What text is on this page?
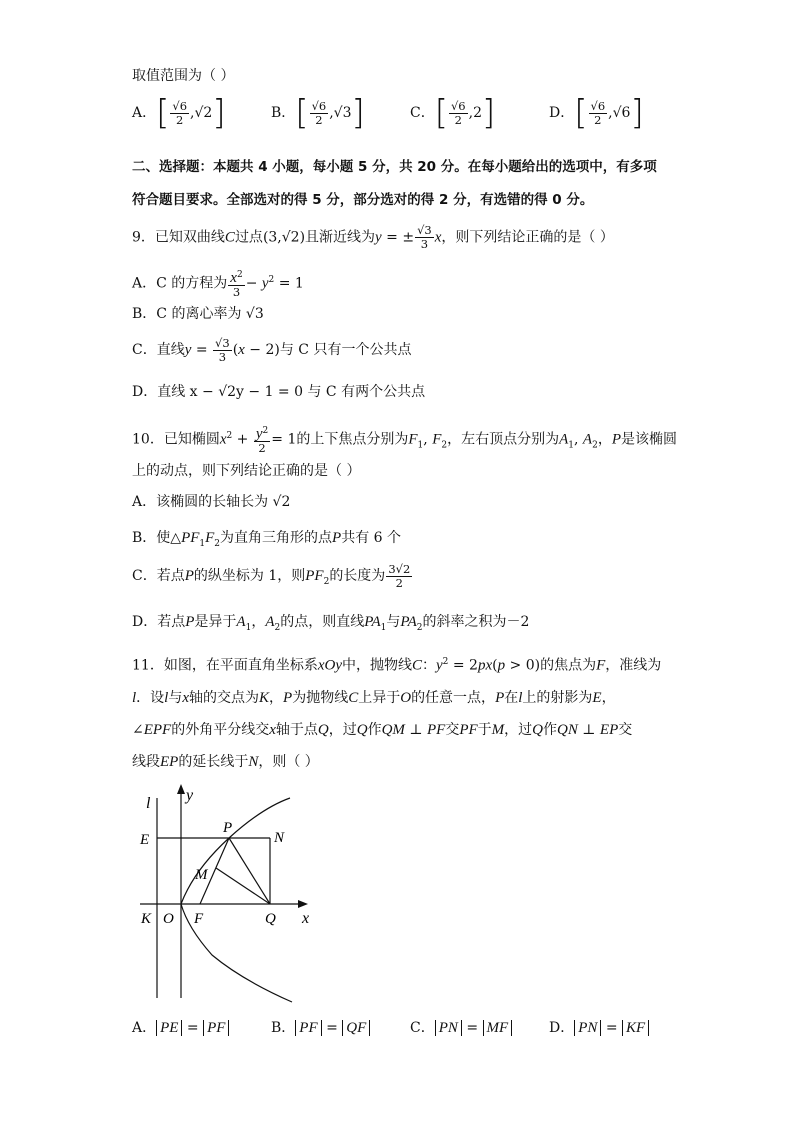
取值范围为（ ）
A．[ $\frac{√6}{2} ,√2$]	B．[ $\frac{√6}{2} ,√3$]	C．[ $\frac{√6}{2} ,2$]	D．[ $\frac{√6}{2} ,√6$]
二、选择题：本题共 4 小题，每小题 5 分，共 20 分。在每小题给出的选项中，有多项
符合题目要求。全部选对的得 5 分，部分选对的得 2 分，有选错的得 0 分。
9．已知双曲线C过点(3,√2)且渐近线为y = ± $\frac{√3}{3}$ x，则下列结论正确的是（ ）
A．C 的方程为 $\frac{x^2}{3} - y^2 = 1$
B．C 的离心率为 √3
C．直线$y = \frac{√3}{3} (x - 2)$与 C 只有一个公共点
D．直线 x − √2y − 1 = 0 与 C 有两个公共点
10．已知椭圆$x^2 + \frac{y^2}{2} = 1$的上下焦点分别为$F_1$, $F_2$，左右顶点分别为$A_1$, $A_2$，P是该椭圆
上的动点，则下列结论正确的是（ ）
A．该椭圆的长轴长为 √2
B．使$\triangle PF_1F_2$为直角三角形的点P共有 6 个
C．若点P的纵坐标为 1，则$PF_2$的长度为 $\frac{3√2}{2}$
D．若点P是异于$A_1$，$A_2$的点，则直线$PA_1$与$PA_2$的斜率之积为－2
11．如图，在平面直角坐标系xOy中，抛物线C：$y^2 = 2px(p > 0)$的焦点为F，准线为
l．设l与x轴的交点为K，P为抛物线C上异于O的任意一点，P在l上的射影为E，
∠EPF的外角平分线交x轴于点Q，过Q作QM ⊥ PF交PF于M，过Q作QN ⊥ EP交
线段EP的延长线于N，则（ ）
l y
E
P
N
M
K O F	Q x
A． PE = PF	B． PF = QF	C． PN = MF	D． PN = KF
